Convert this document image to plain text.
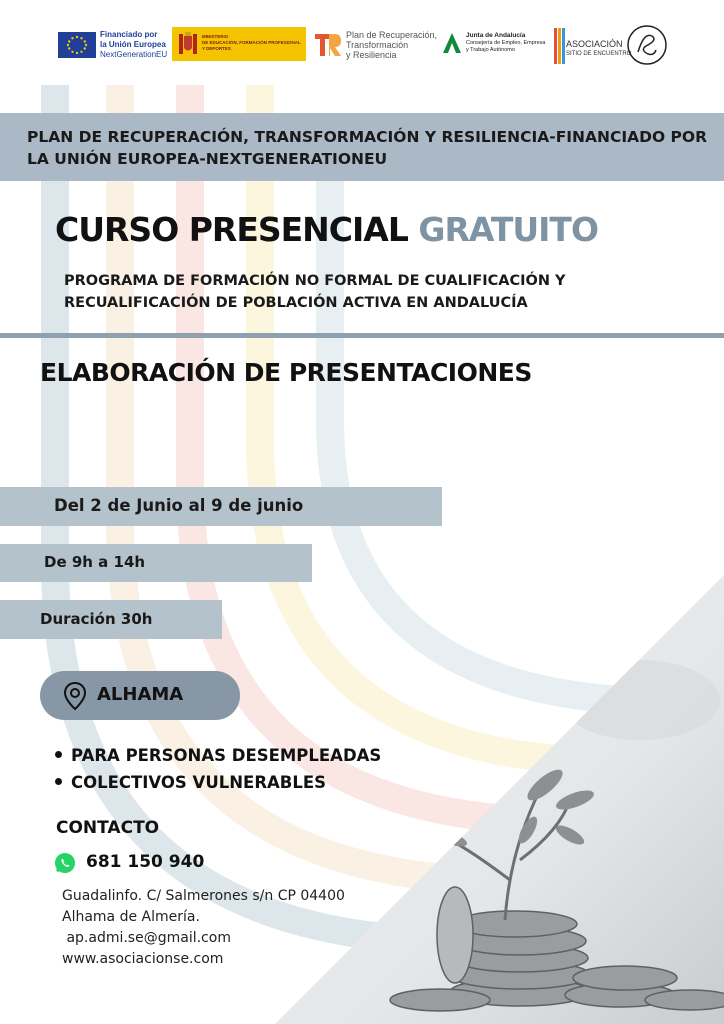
Financiado por
la Unión Europea
NextGenerationEU
MINISTERIO
DE EDUCACIÓN, FORMACIÓN PROFESIONAL
Y DEPORTES
Plan de Recuperación,
Transformación
y Resiliencia
Junta de Andalucía
Consejería de Empleo, Empresa
y Trabajo Autónomo
ASOCIACIÓN
SITIO DE ENCUENTRO
PLAN DE RECUPERACIÓN, TRANSFORMACIÓN Y RESILIENCIA-FINANCIADO POR LA UNIÓN EUROPEA-NEXTGENERATIONEU
CURSO PRESENCIAL GRATUITO
PROGRAMA DE FORMACIÓN NO FORMAL DE CUALIFICACIÓN Y RECUALIFICACIÓN DE POBLACIÓN ACTIVA EN ANDALUCÍA
ELABORACIÓN DE PRESENTACIONES
Del 2 de Junio al 9 de junio
De 9h a 14h
Duración 30h
ALHAMA
PARA PERSONAS DESEMPLEADAS
COLECTIVOS VULNERABLES
CONTACTO
681 150 940
Guadalinfo. C/ Salmerones s/n CP 04400
Alhama de Almería.
ap.admi.se@gmail.com
www.asociacionse.com
